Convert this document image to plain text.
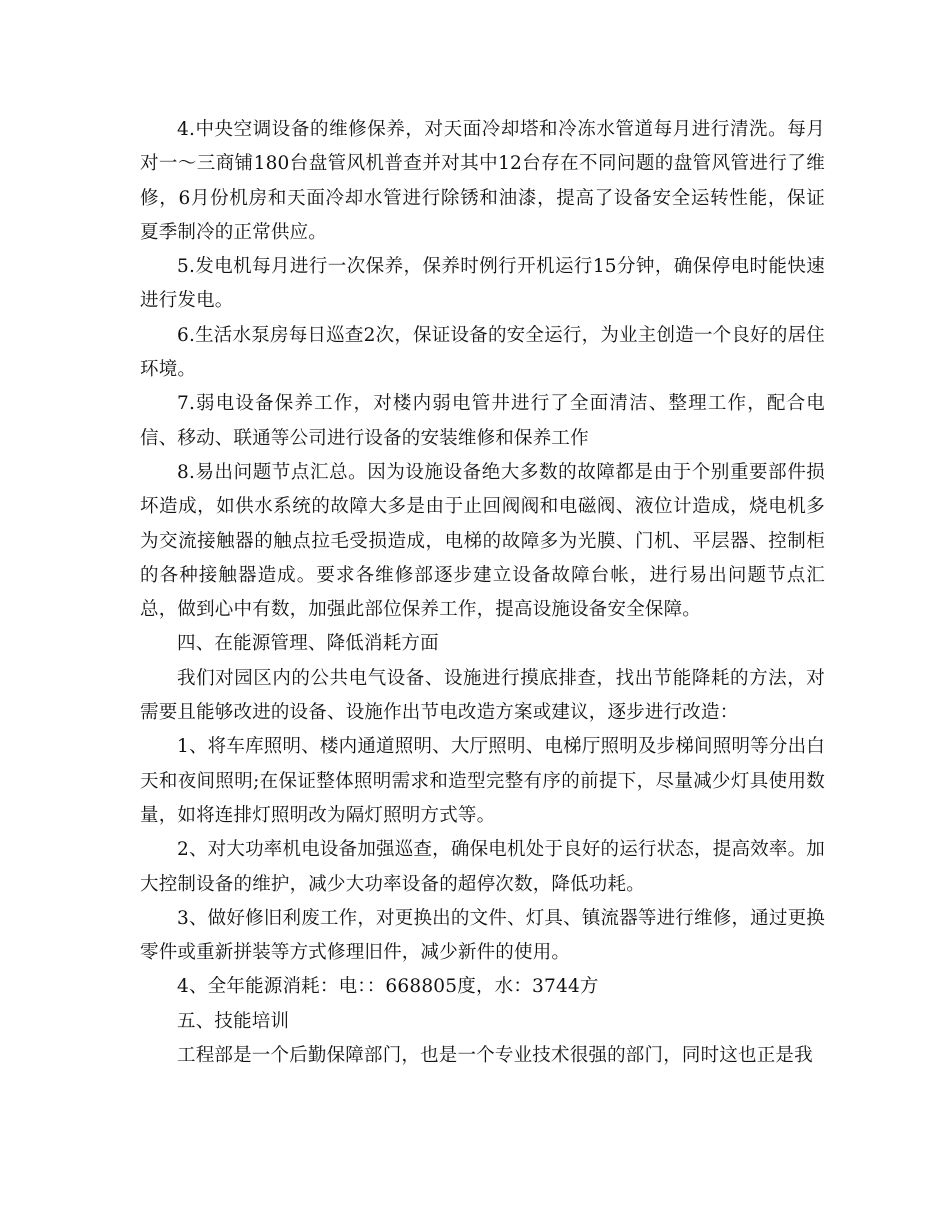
4.中央空调设备的维修保养，对天面冷却塔和冷冻水管道每月进行清洗。每月对一～三商铺180台盘管风机普查并对其中12台存在不同问题的盘管风管进行了维修，6月份机房和天面冷却水管进行除锈和油漆，提高了设备安全运转性能，保证夏季制冷的正常供应。

5.发电机每月进行一次保养，保养时例行开机运行15分钟，确保停电时能快速进行发电。

6.生活水泵房每日巡查2次，保证设备的安全运行，为业主创造一个良好的居住环境。

7.弱电设备保养工作，对楼内弱电管井进行了全面清洁、整理工作，配合电信、移动、联通等公司进行设备的安装维修和保养工作

8.易出问题节点汇总。因为设施设备绝大多数的故障都是由于个别重要部件损坏造成，如供水系统的故障大多是由于止回阀阀和电磁阀、液位计造成，烧电机多为交流接触器的触点拉毛受损造成，电梯的故障多为光膜、门机、平层器、控制柜的各种接触器造成。要求各维修部逐步建立设备故障台帐，进行易出问题节点汇总，做到心中有数，加强此部位保养工作，提高设施设备安全保障。

四、在能源管理、降低消耗方面

我们对园区内的公共电气设备、设施进行摸底排查，找出节能降耗的方法，对需要且能够改进的设备、设施作出节电改造方案或建议，逐步进行改造：

1、将车库照明、楼内通道照明、大厅照明、电梯厅照明及步梯间照明等分出白天和夜间照明;在保证整体照明需求和造型完整有序的前提下，尽量减少灯具使用数量，如将连排灯照明改为隔灯照明方式等。

2、对大功率机电设备加强巡查，确保电机处于良好的运行状态，提高效率。加大控制设备的维护，减少大功率设备的超停次数，降低功耗。

3、做好修旧利废工作，对更换出的文件、灯具、镇流器等进行维修，通过更换零件或重新拼装等方式修理旧件，减少新件的使用。

4、全年能源消耗：电：：668805度，水：3744方

五、技能培训

工程部是一个后勤保障部门，也是一个专业技术很强的部门，同时这也正是我
